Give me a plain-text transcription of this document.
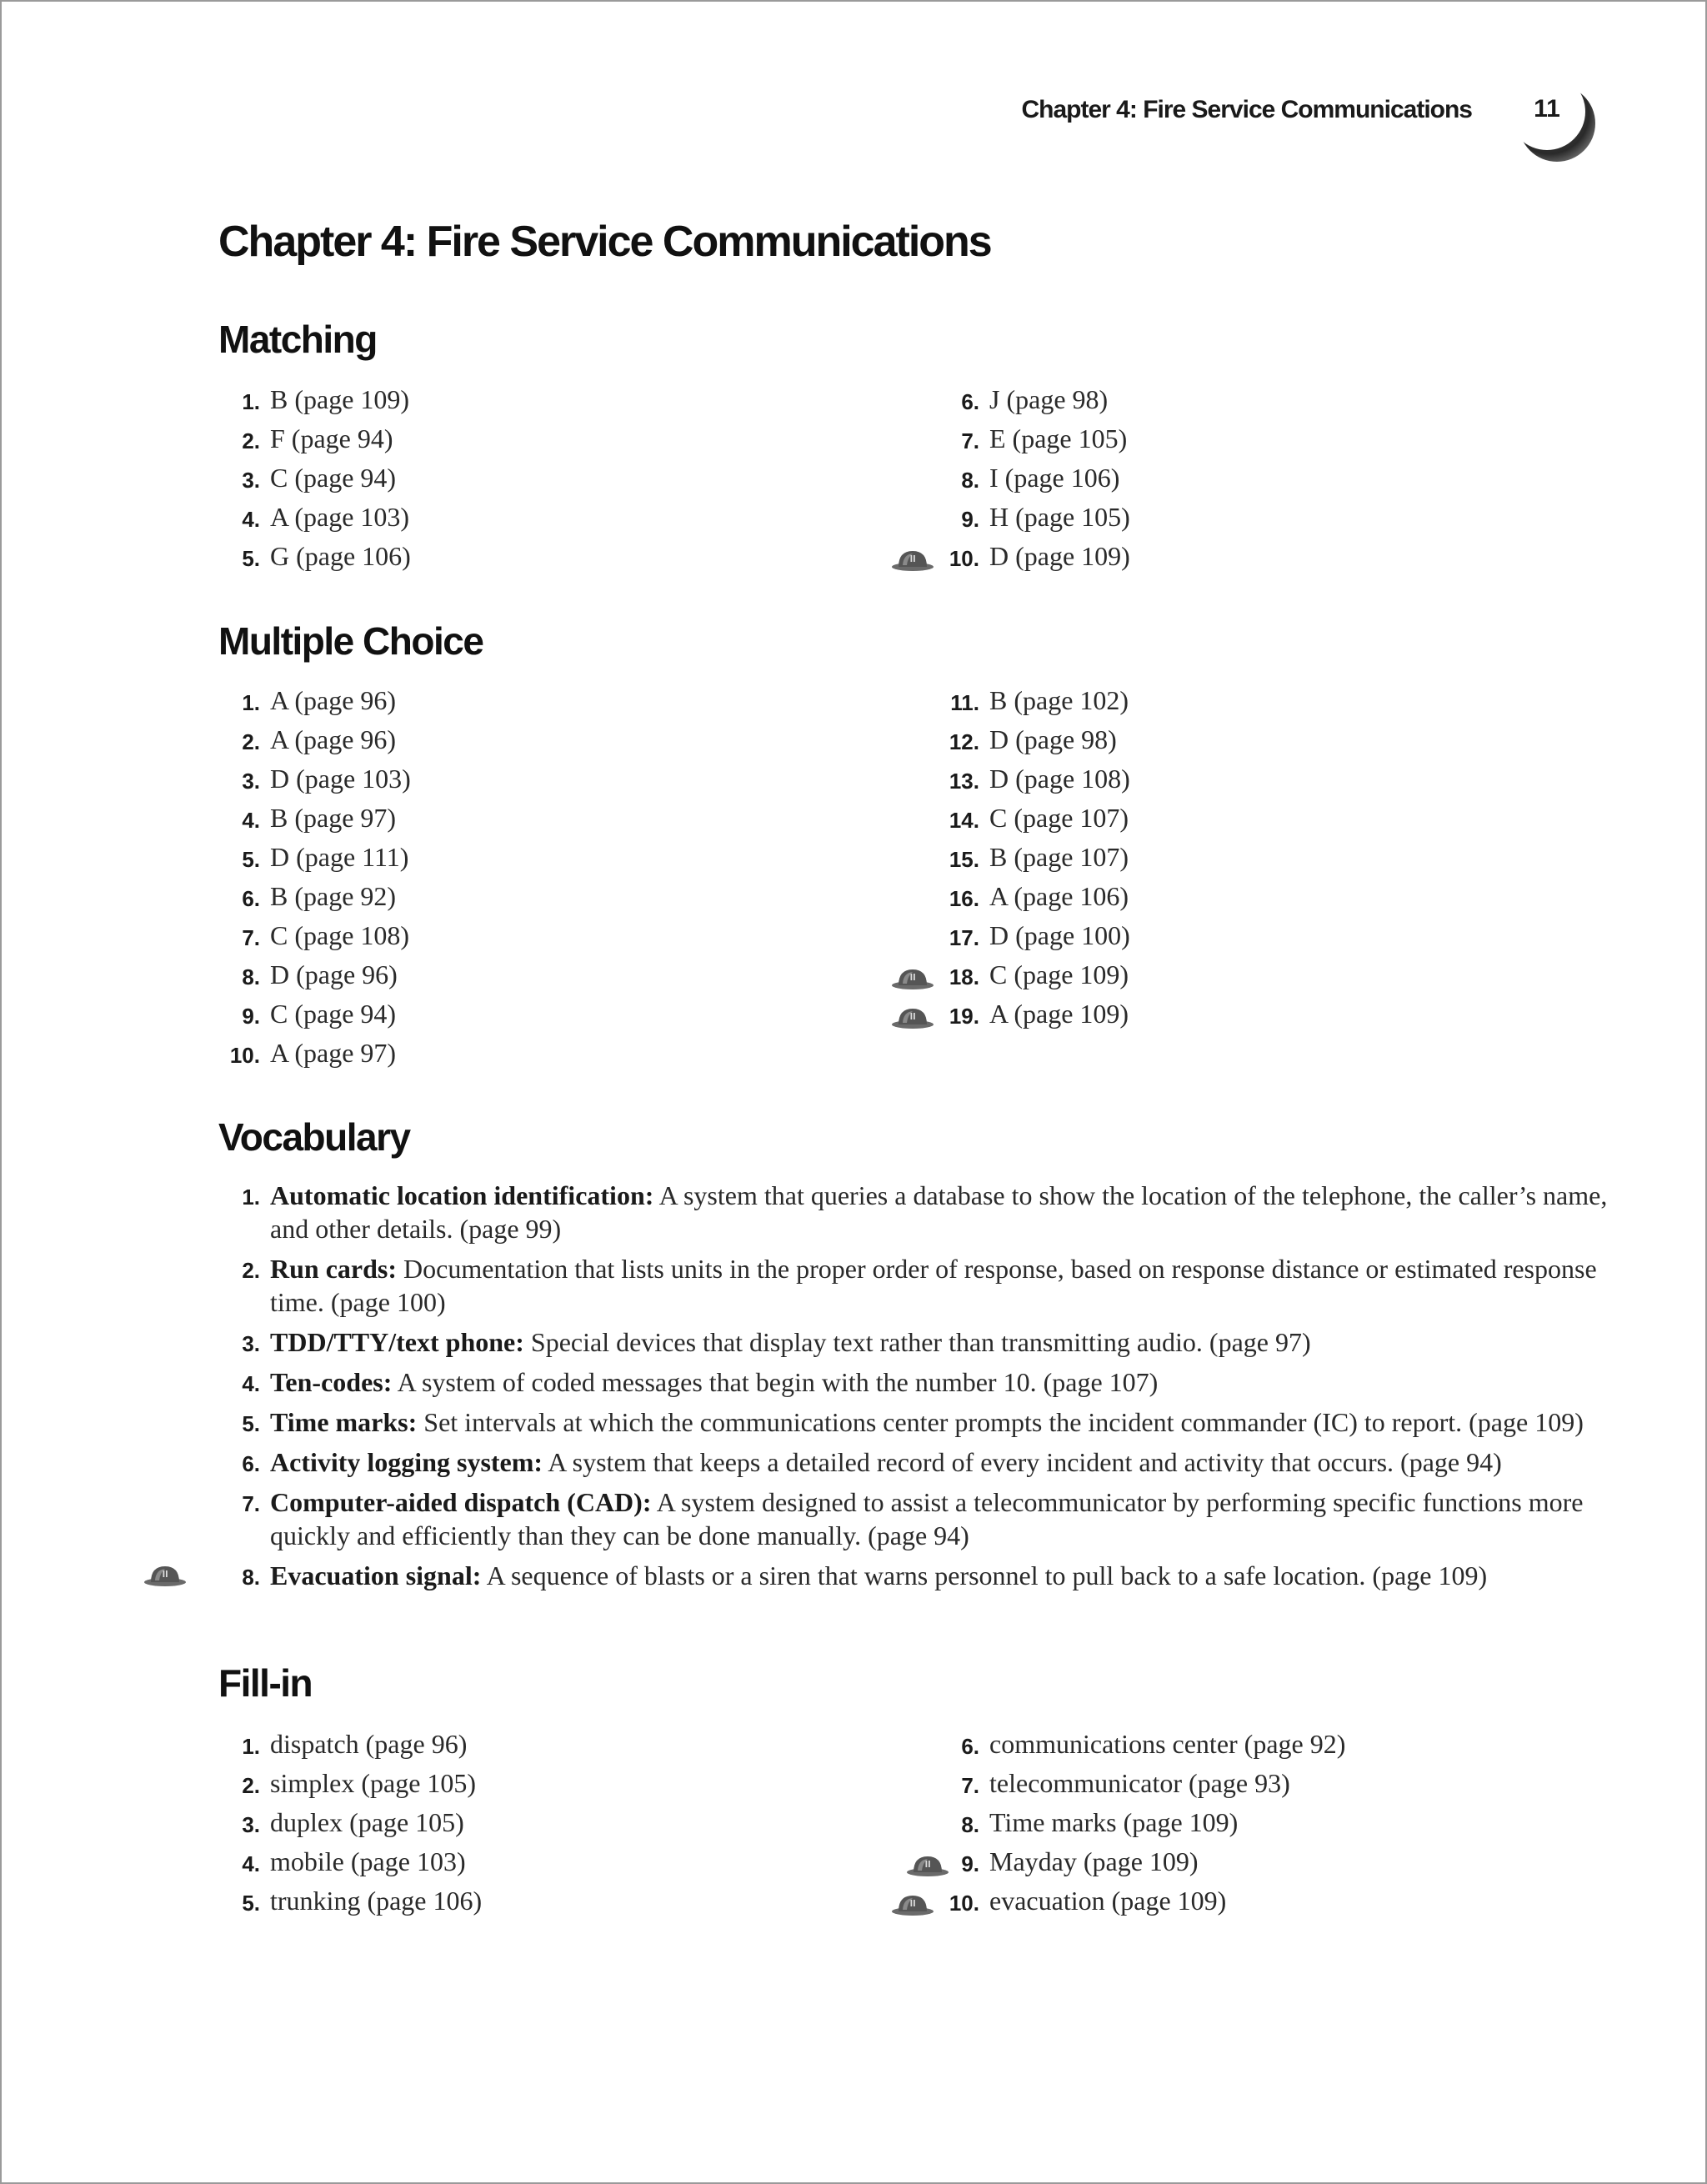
Chapter 4: Fire Service Communications	11
Chapter 4: Fire Service Communications
Matching
1. B (page 109)
2. F (page 94)
3. C (page 94)
4. A (page 103)
5. G (page 106)
6. J (page 98)
7. E (page 105)
8. I (page 106)
9. H (page 105)
10. D (page 109)
Multiple Choice
1. A (page 96)
2. A (page 96)
3. D (page 103)
4. B (page 97)
5. D (page 111)
6. B (page 92)
7. C (page 108)
8. D (page 96)
9. C (page 94)
10. A (page 97)
11. B (page 102)
12. D (page 98)
13. D (page 108)
14. C (page 107)
15. B (page 107)
16. A (page 106)
17. D (page 100)
18. C (page 109)
19. A (page 109)
Vocabulary
1. Automatic location identification: A system that queries a database to show the location of the telephone, the caller’s name, and other details. (page 99)
2. Run cards: Documentation that lists units in the proper order of response, based on response distance or estimated response time. (page 100)
3. TDD/TTY/text phone: Special devices that display text rather than transmitting audio. (page 97)
4. Ten-codes: A system of coded messages that begin with the number 10. (page 107)
5. Time marks: Set intervals at which the communications center prompts the incident commander (IC) to report. (page 109)
6. Activity logging system: A system that keeps a detailed record of every incident and activity that occurs. (page 94)
7. Computer-aided dispatch (CAD): A system designed to assist a telecommunicator by performing specific functions more quickly and efficiently than they can be done manually. (page 94)
8. Evacuation signal: A sequence of blasts or a siren that warns personnel to pull back to a safe location. (page 109)
Fill-in
1. dispatch (page 96)
2. simplex (page 105)
3. duplex (page 105)
4. mobile (page 103)
5. trunking (page 106)
6. communications center (page 92)
7. telecommunicator (page 93)
8. Time marks (page 109)
9. Mayday (page 109)
10. evacuation (page 109)
